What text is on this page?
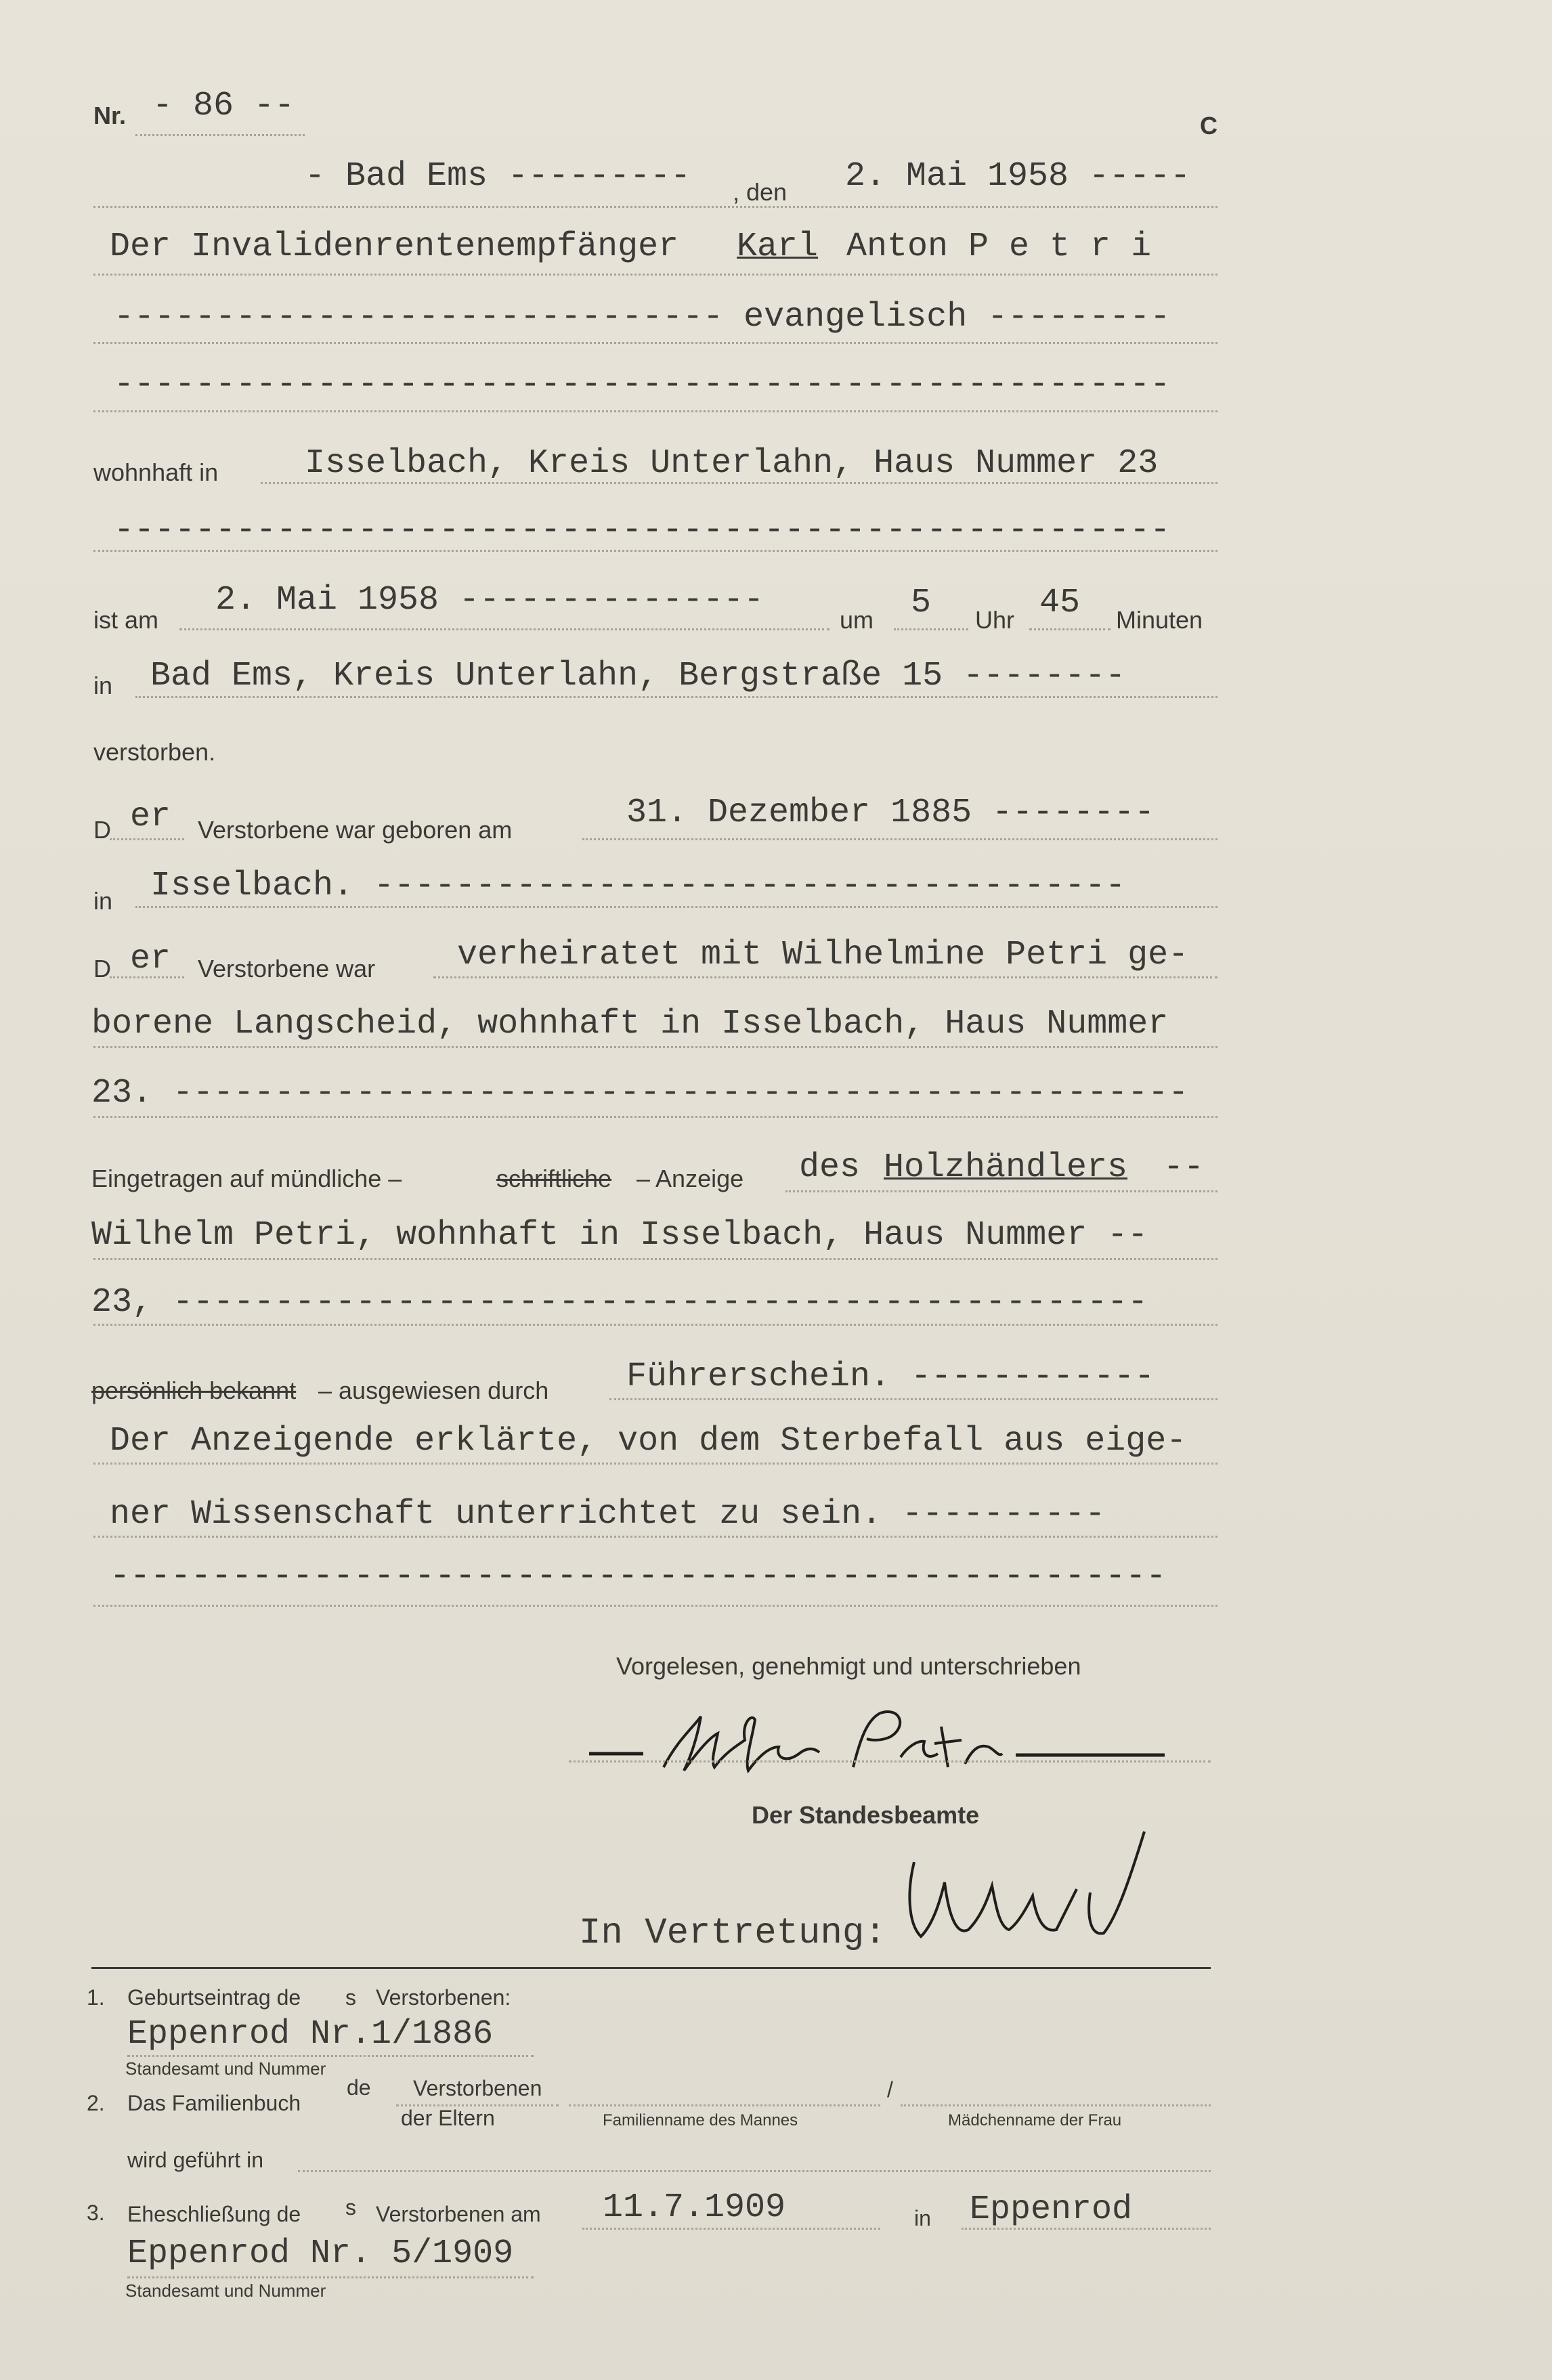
Nr. - 86 --
C
- Bad Ems --------- , den 2. Mai 1958 -----
Der Invalidenrentenempfänger Karl Anton P e t r i
------------------------------ evangelisch ---------
----------------------------------------------------
wohnhaft in	Isselbach, Kreis Unterlahn, Haus Nummer 23
----------------------------------------------------
ist am
2. Mai 1958 ---------------
um 5 Uhr 45 Minuten
in Bad Ems, Kreis Unterlahn, Bergstraße 15 --------
verstorben.
D er Verstorbene war geboren am	31. Dezember 1885 --------
in Isselbach. -------------------------------------
D er Verstorbene war verheiratet mit Wilhelmine Petri ge-
borene Langscheid, wohnhaft in Isselbach, Haus Nummer
23. --------------------------------------------------
Eingetragen auf mündliche –	schriftliche – Anzeige des Holzhändlers --
Wilhelm Petri, wohnhaft in Isselbach, Haus Nummer --
23, ------------------------------------------------
persönlich bekannt – ausgewiesen durch Führerschein. ------------
Der Anzeigende erklärte, von dem Sterbefall aus eige-
ner Wissenschaft unterrichtet zu sein. ----------
----------------------------------------------------
Vorgelesen, genehmigt und unterschrieben
Der Standesbeamte
In Vertretung:
1. Geburtseintrag de s Verstorbenen:
Eppenrod Nr.1/1886
Standesamt und Nummer
2. Das Familienbuch
de Verstorbenen
der Eltern
/
Familienname des Mannes	Mädchenname der Frau
wird geführt in
3. Eheschließung de s Verstorbenen am 11.7.1909	in Eppenrod
Eppenrod Nr. 5/1909
Standesamt und Nummer
